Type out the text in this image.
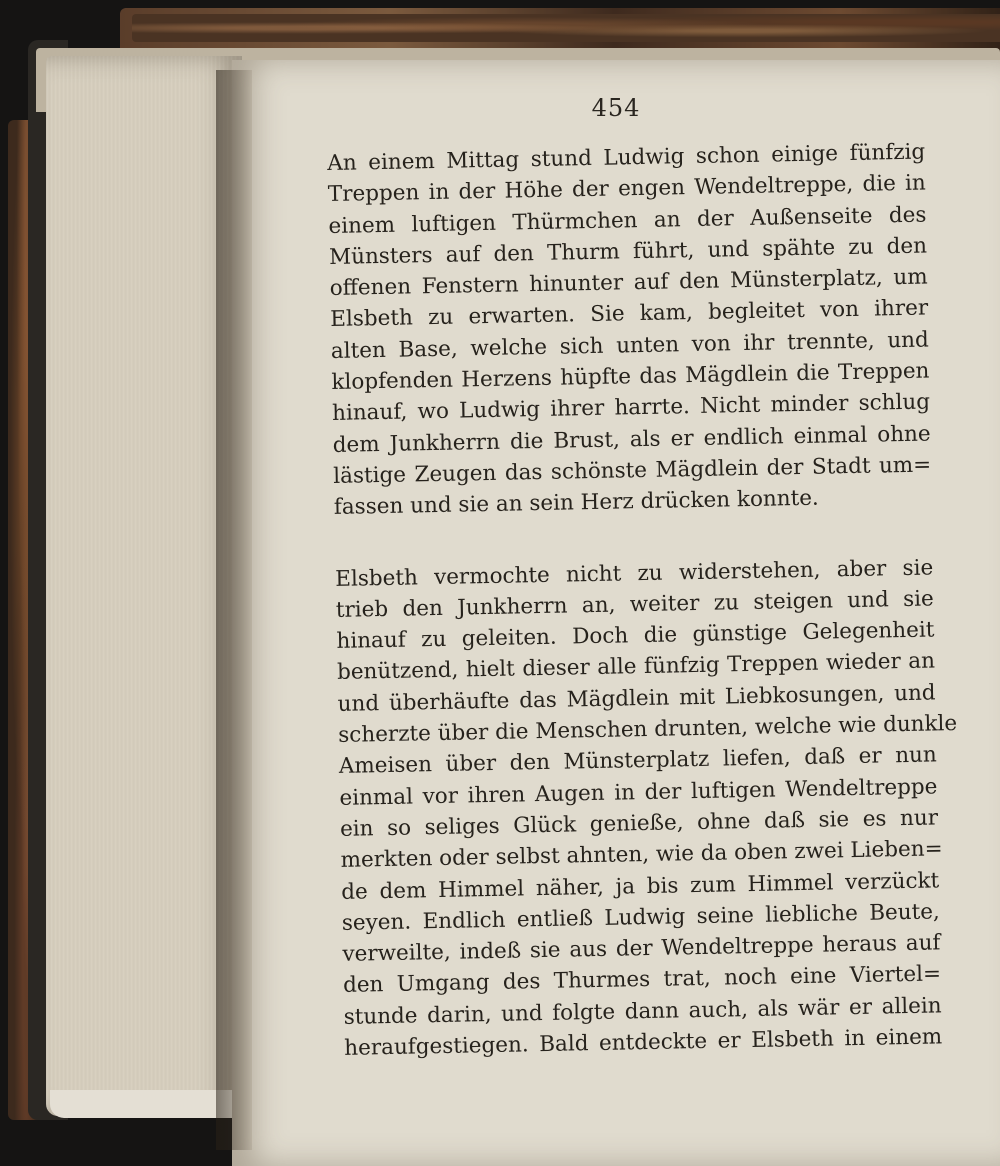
454
An einem Mittag stund Ludwig schon einige fünfzig
Treppen in der Höhe der engen Wendeltreppe, die in
einem luftigen Thürmchen an der Außenseite des
Münsters auf den Thurm führt, und spähte zu den
offenen Fenstern hinunter auf den Münsterplatz, um
Elsbeth zu erwarten. Sie kam, begleitet von ihrer
alten Base, welche sich unten von ihr trennte, und
klopfenden Herzens hüpfte das Mägdlein die Treppen
hinauf, wo Ludwig ihrer harrte. Nicht minder schlug
dem Junkherrn die Brust, als er endlich einmal ohne
lästige Zeugen das schönste Mägdlein der Stadt um=
fassen und sie an sein Herz drücken konnte.
Elsbeth vermochte nicht zu widerstehen, aber sie
trieb den Junkherrn an, weiter zu steigen und sie
hinauf zu geleiten. Doch die günstige Gelegenheit
benützend, hielt dieser alle fünfzig Treppen wieder an
und überhäufte das Mägdlein mit Liebkosungen, und
scherzte über die Menschen drunten, welche wie dunkle
Ameisen über den Münsterplatz liefen, daß er nun
einmal vor ihren Augen in der luftigen Wendeltreppe
ein so seliges Glück genieße, ohne daß sie es nur
merkten oder selbst ahnten, wie da oben zwei Lieben=
de dem Himmel näher, ja bis zum Himmel verzückt
seyen. Endlich entließ Ludwig seine liebliche Beute,
verweilte, indeß sie aus der Wendeltreppe heraus auf
den Umgang des Thurmes trat, noch eine Viertel=
stunde darin, und folgte dann auch, als wär er allein
heraufgestiegen. Bald entdeckte er Elsbeth in einem
